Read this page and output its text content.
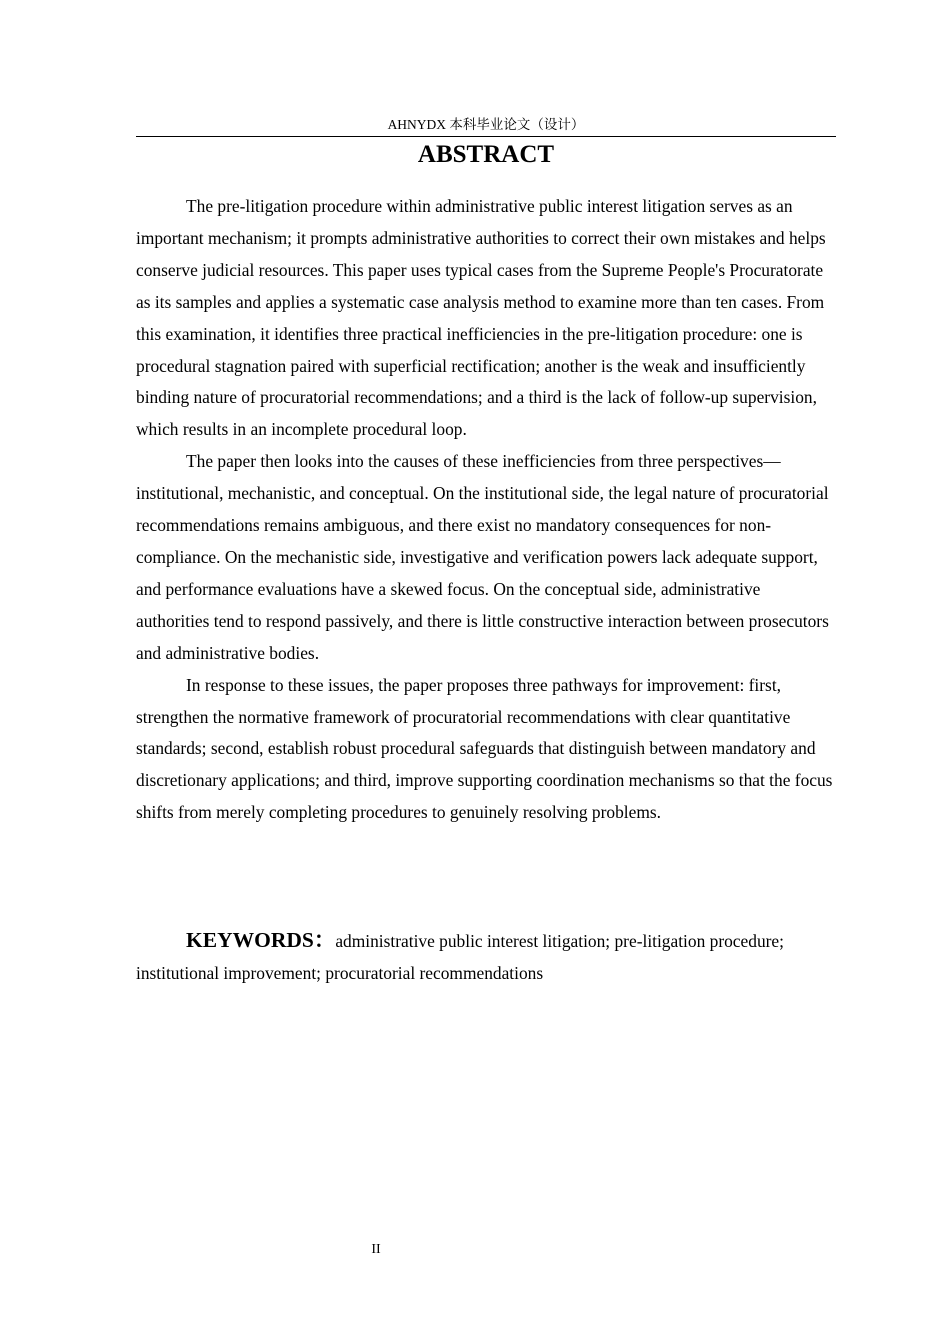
AHNYDX 本科毕业论文（设计）
ABSTRACT

The pre-litigation procedure within administrative public interest litigation serves as an important mechanism; it prompts administrative authorities to correct their own mistakes and helps conserve judicial resources. This paper uses typical cases from the Supreme People's Procuratorate as its samples and applies a systematic case analysis method to examine more than ten cases. From this examination, it identifies three practical inefficiencies in the pre-litigation procedure: one is procedural stagnation paired with superficial rectification; another is the weak and insufficiently binding nature of procuratorial recommendations; and a third is the lack of follow-up supervision, which results in an incomplete procedural loop.

The paper then looks into the causes of these inefficiencies from three perspectives—institutional, mechanistic, and conceptual. On the institutional side, the legal nature of procuratorial recommendations remains ambiguous, and there exist no mandatory consequences for non-compliance. On the mechanistic side, investigative and verification powers lack adequate support, and performance evaluations have a skewed focus. On the conceptual side, administrative authorities tend to respond passively, and there is little constructive interaction between prosecutors and administrative bodies.

In response to these issues, the paper proposes three pathways for improvement: first, strengthen the normative framework of procuratorial recommendations with clear quantitative standards; second, establish robust procedural safeguards that distinguish between mandatory and discretionary applications; and third, improve supporting coordination mechanisms so that the focus shifts from merely completing procedures to genuinely resolving problems.

KEYWORDS：administrative public interest litigation; pre-litigation procedure; institutional improvement; procuratorial recommendations
II
